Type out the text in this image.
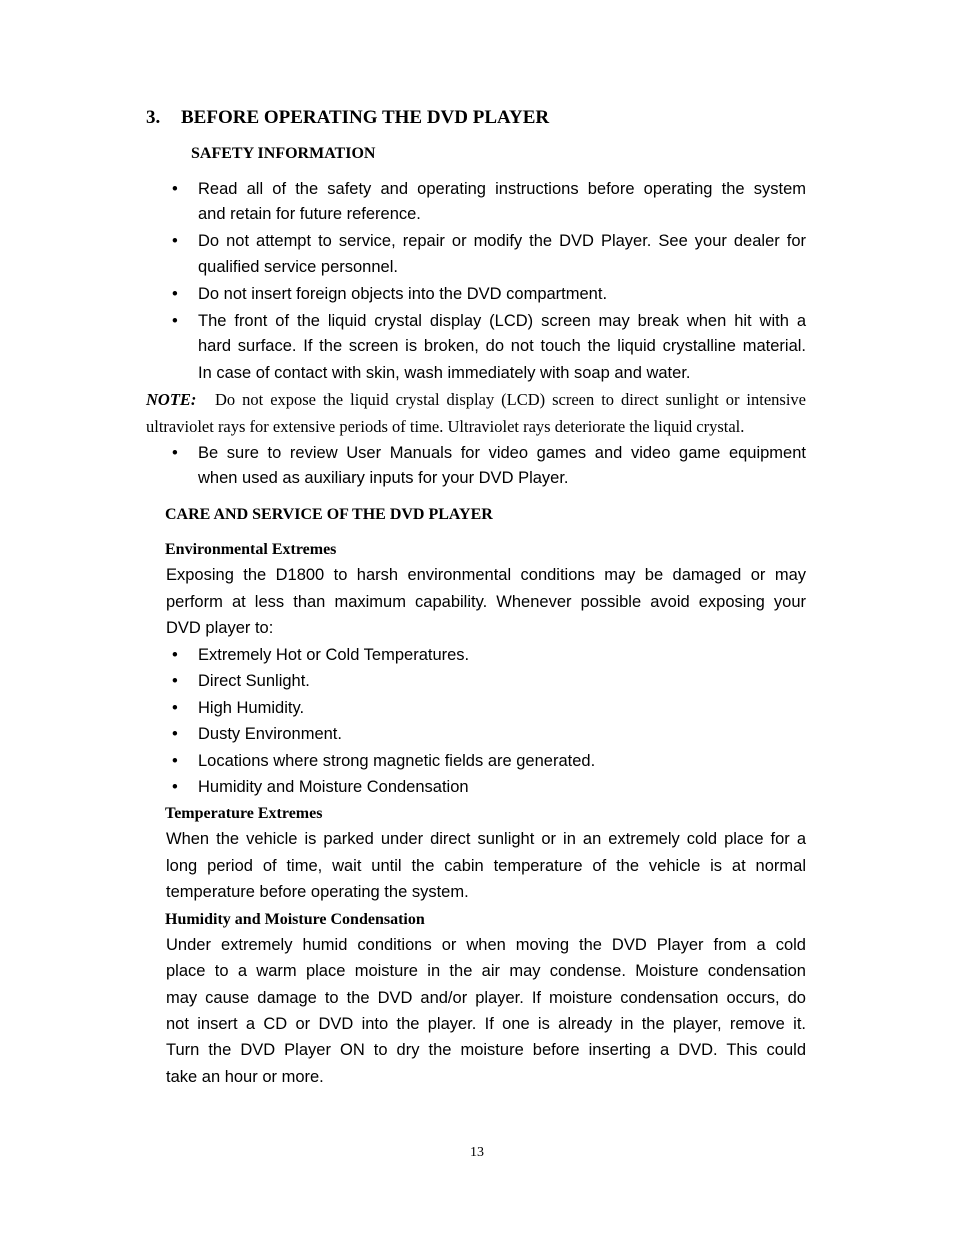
3. BEFORE OPERATING THE DVD PLAYER
SAFETY INFORMATION
• Read all of the safety and operating instructions before operating the system
and retain for future reference.
• Do not attempt to service, repair or modify the DVD Player. See your dealer for
qualified service personnel.
• Do not insert foreign objects into the DVD compartment.
• The front of the liquid crystal display (LCD) screen may break when hit with a
hard surface. If the screen is broken, do not touch the liquid crystalline material.
In case of contact with skin, wash immediately with soap and water.
NOTE: Do not expose the liquid crystal display (LCD) screen to direct sunlight or intensive
ultraviolet rays for extensive periods of time. Ultraviolet rays deteriorate the liquid crystal.
• Be sure to review User Manuals for video games and video game equipment
when used as auxiliary inputs for your DVD Player.
CARE AND SERVICE OF THE DVD PLAYER
Environmental Extremes
Exposing the D1800 to harsh environmental conditions may be damaged or may
perform at less than maximum capability. Whenever possible avoid exposing your
DVD player to:
• Extremely Hot or Cold Temperatures.
• Direct Sunlight.
• High Humidity.
• Dusty Environment.
• Locations where strong magnetic fields are generated.
• Humidity and Moisture Condensation
Temperature Extremes
When the vehicle is parked under direct sunlight or in an extremely cold place for a
long period of time, wait until the cabin temperature of the vehicle is at normal
temperature before operating the system.
Humidity and Moisture Condensation
Under extremely humid conditions or when moving the DVD Player from a cold
place to a warm place moisture in the air may condense. Moisture condensation
may cause damage to the DVD and/or player. If moisture condensation occurs, do
not insert a CD or DVD into the player. If one is already in the player, remove it.
Turn the DVD Player ON to dry the moisture before inserting a DVD. This could
take an hour or more.
13
